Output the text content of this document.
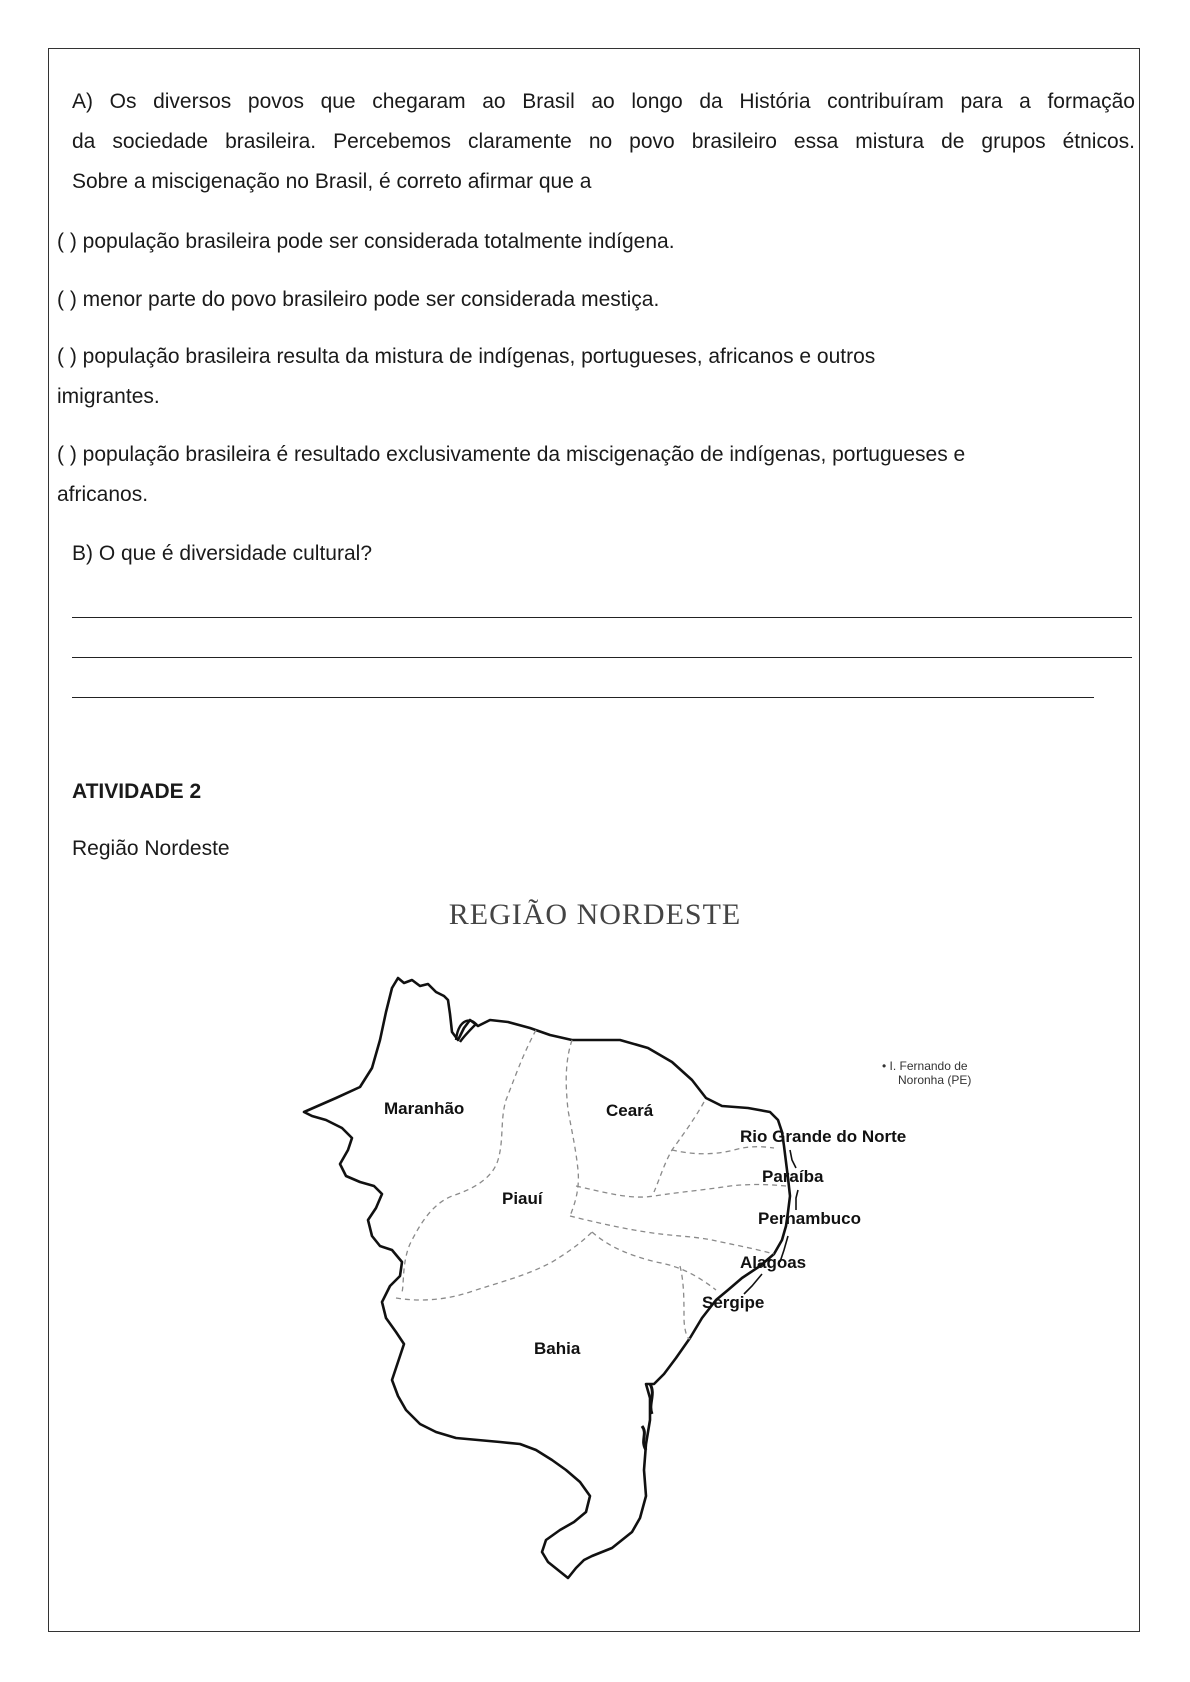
A) Os diversos povos que chegaram ao Brasil ao longo da História contribuíram para a formação
da sociedade brasileira. Percebemos claramente no povo brasileiro essa mistura de grupos étnicos.
Sobre a miscigenação no Brasil, é correto afirmar que a
( ) população brasileira pode ser considerada totalmente indígena.
( ) menor parte do povo brasileiro pode ser considerada mestiça.
( ) população brasileira resulta da mistura de indígenas, portugueses, africanos e outros
imigrantes.
( ) população brasileira é resultado exclusivamente da miscigenação de indígenas, portugueses e
africanos.
B) O que é diversidade cultural?
ATIVIDADE 2
Região Nordeste
REGIÃO NORDESTE
Maranhão	Ceará
Piauí
Rio Grande do Norte
Paraíba
Pernambuco
Alagoas
Sergipe
Bahia
• I. Fernando de
Noronha (PE)
